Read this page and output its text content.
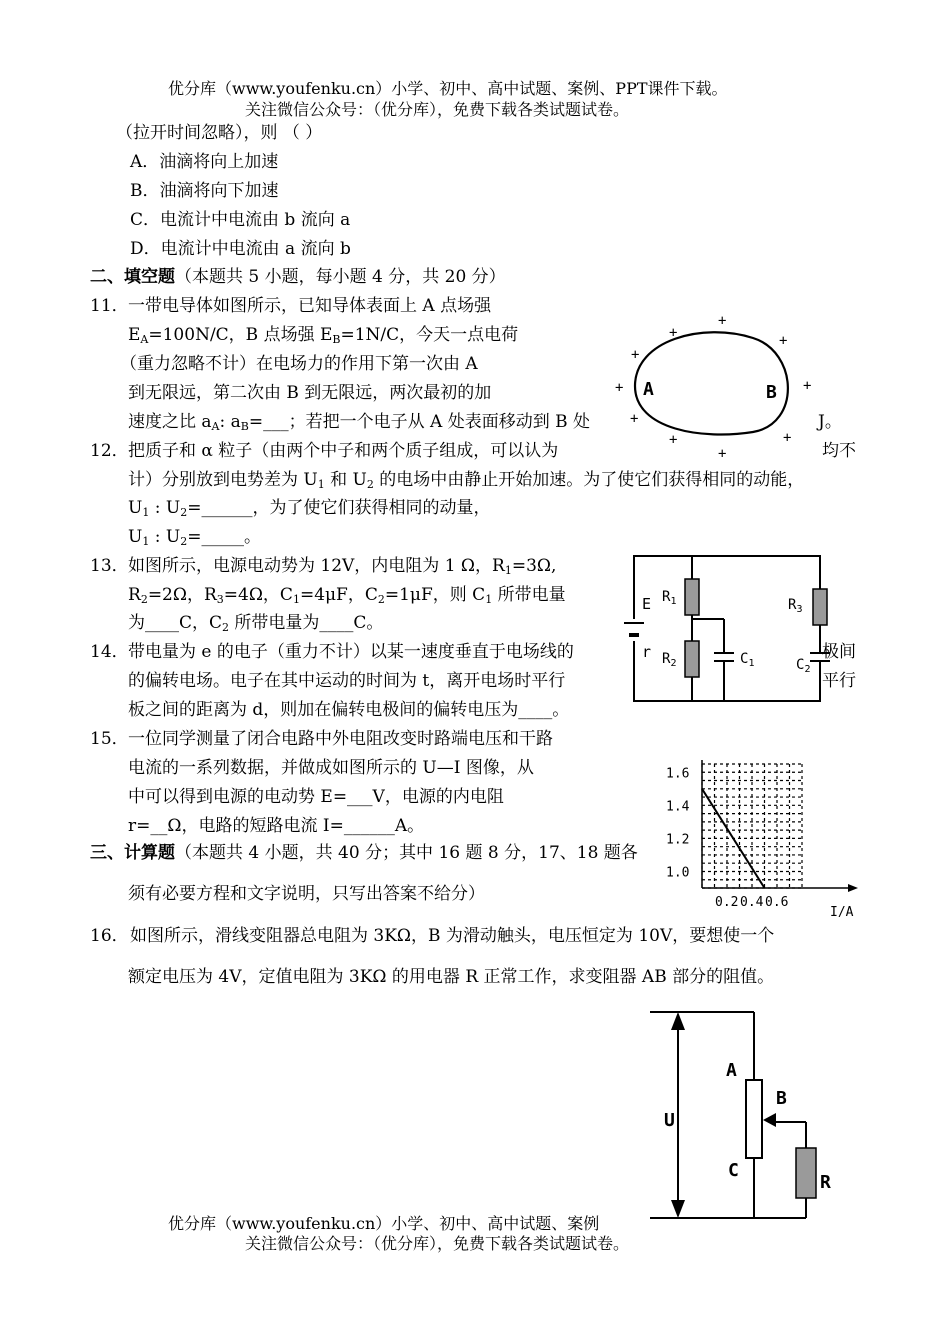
优分库（www.youfenku.cn）小学、初中、高中试题、案例、PPT课件下载。
关注微信公众号：（优分库），免费下载各类试题试卷。
（拉开时间忽略），则 （ ）
A．油滴将向上加速
B．油滴将向下加速
C．电流计中电流由 b 流向 a
D．电流计中电流由 a 流向 b
二、填空题（本题共 5 小题，每小题 4 分，共 20 分）
11． 一带电导体如图所示，已知导体表面上 A 点场强
$E_A=100N/C$，B 点场强 $E_B=1N/C$，今天一点电荷
（重力忽略不计）在电场力的作用下第一次由 A
到无限远，第二次由 B 到无限远，两次最初的加
速度之比 $a_A$: $a_B=\_\_\_$；若把一个电子从 A 处表面移动到 B 处	J。
A	B
+
+
+
+
+	+
+
+
+
+
12． 把质子和 α 粒子（由两个中子和两个质子组成，可以认为	均不
计）分别放到电势差为 $U_1$ 和 $U_2$ 的电场中由静止开始加速。为了使它们获得相同的动能，
$U_1$ : $U_2=\_\_\_\_\_\_$，为了使它们获得相同的动量，
$U_1$ : $U_2=\_\_\_\_\_$。
13． 如图所示，电源电动势为 12V，内电阻为 1 Ω，$R_1=3\Omega$,
$R_2=2\Omega$，$R_3=4\Omega$，$C_1=4\mu F$，$C_2=1\mu F$，则 $C_1$ 所带电量
为____C，$C_2$ 所带电量为____C。
E
r
$R_1$
$R_2$
$R_3$
$C_1$	$C_2$
14． 带电量为 e 的电子（重力不计）以某一速度垂直于电场线的	极间
的偏转电场。电子在其中运动的时间为 t，离开电场时平行	平行
板之间的距离为 d，则加在偏转电极间的偏转电压为____。
15． 一位同学测量了闭合电路中外电阻改变时路端电压和干路
电流的一系列数据，并做成如图所示的 U—I 图像，从
中可以得到电源的电动势 E=___V，电源的内电阻
r=__Ω，电路的短路电流 I=______A。
0.2 0.4 0.6
1.0
1.2
1.4
1.6
I/A
三、计算题（本题共 4 小题，共 40 分；其中 16 题 8 分，17、18 题各
须有必要方程和文字说明，只写出答案不给分）
16． 如图所示，滑线变阻器总电阻为 3KΩ，B 为滑动触头，电压恒定为 10V，要想使一个
额定电压为 4V，定值电阻为 3KΩ 的用电器 R 正常工作，求变阻器 AB 部分的阻值。
U
A
B
C
R
优分库（www.youfenku.cn）小学、初中、高中试题、案例
关注微信公众号：（优分库），免费下载各类试题试卷。
